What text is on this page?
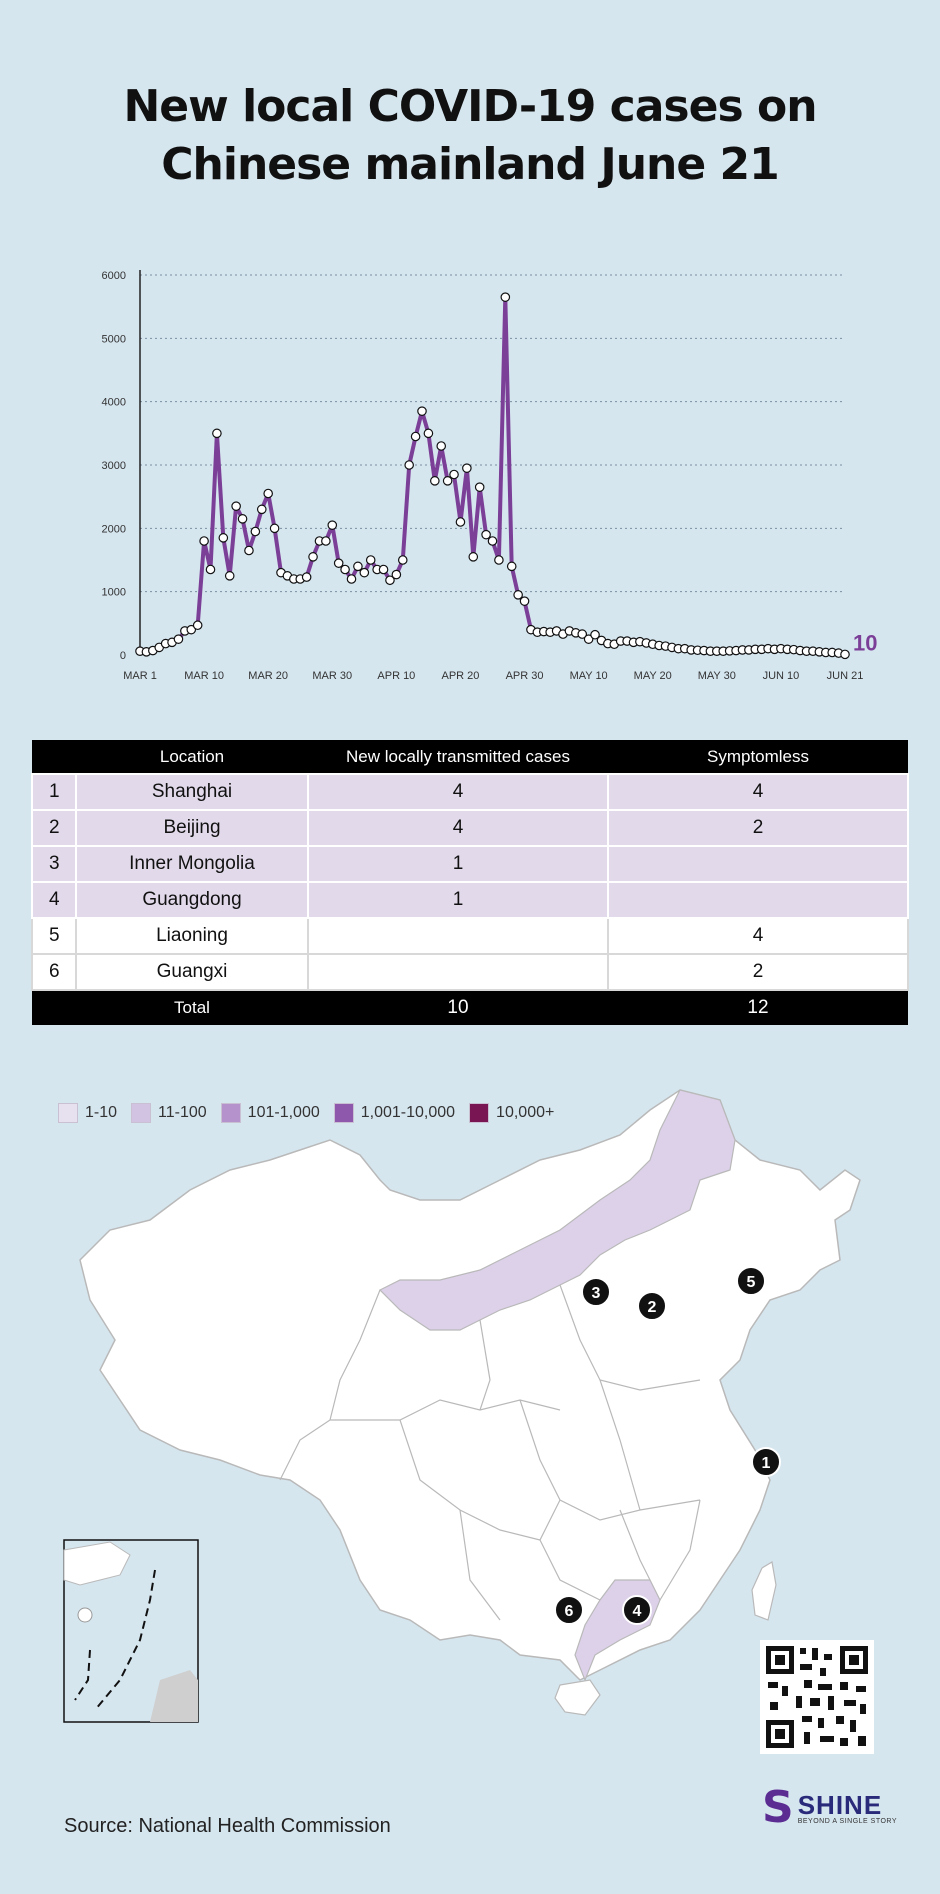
New local COVID-19 cases on
Chinese mainland June 21
0
1000
2000
3000
4000
5000
6000
MAR 1 MAR 10 MAR 20 MAR 30 APR 10 APR 20 APR 30 MAY 10 MAY 20 MAY 30 JUN 10 JUN 21
10
	Location	New locally transmitted cases	Symptomless
1	Shanghai	4	4
2	Beijing	4	2
3	Inner Mongolia	1	
4	Guangdong	1	
5	Liaoning		4
6	Guangxi		2
	Total	10	12
1
2
3
4
5
6
1-10	11-100	101-1,000	1,001-10,000	10,000+
S SHINE
BEYOND A SINGLE STORY
Source: National Health Commission
